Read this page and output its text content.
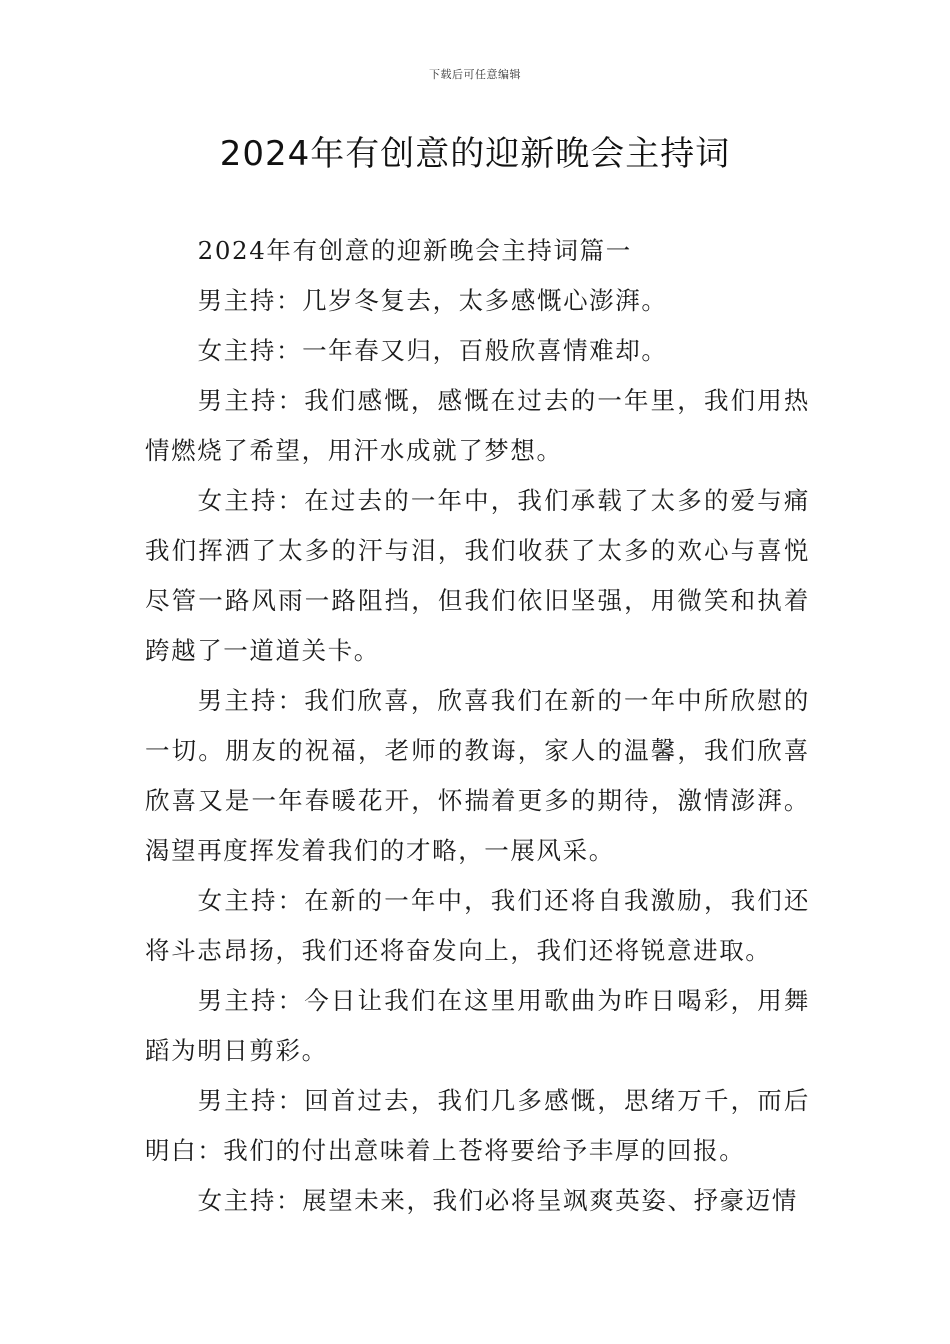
下载后可任意编辑
2024年有创意的迎新晚会主持词

2024年有创意的迎新晚会主持词篇一

男主持：几岁冬复去，太多感慨心澎湃。

女主持：一年春又归，百般欣喜情难却。

男主持：我们感慨，感慨在过去的一年里，我们用热情燃烧了希望，用汗水成就了梦想。

女主持：在过去的一年中，我们承载了太多的爱与痛我们挥洒了太多的汗与泪，我们收获了太多的欢心与喜悦尽管一路风雨一路阻挡，但我们依旧坚强，用微笑和执着跨越了一道道关卡。

男主持：我们欣喜，欣喜我们在新的一年中所欣慰的一切。朋友的祝福，老师的教诲，家人的温馨，我们欣喜欣喜又是一年春暖花开，怀揣着更多的期待，激情澎湃。渴望再度挥发着我们的才略，一展风采。

女主持：在新的一年中，我们还将自我激励，我们还将斗志昂扬，我们还将奋发向上，我们还将锐意进取。

男主持：今日让我们在这里用歌曲为昨日喝彩，用舞蹈为明日剪彩。

男主持：回首过去，我们几多感慨，思绪万千，而后明白：我们的付出意味着上苍将要给予丰厚的回报。

女主持：展望未来，我们必将呈飒爽英姿、抒豪迈情
